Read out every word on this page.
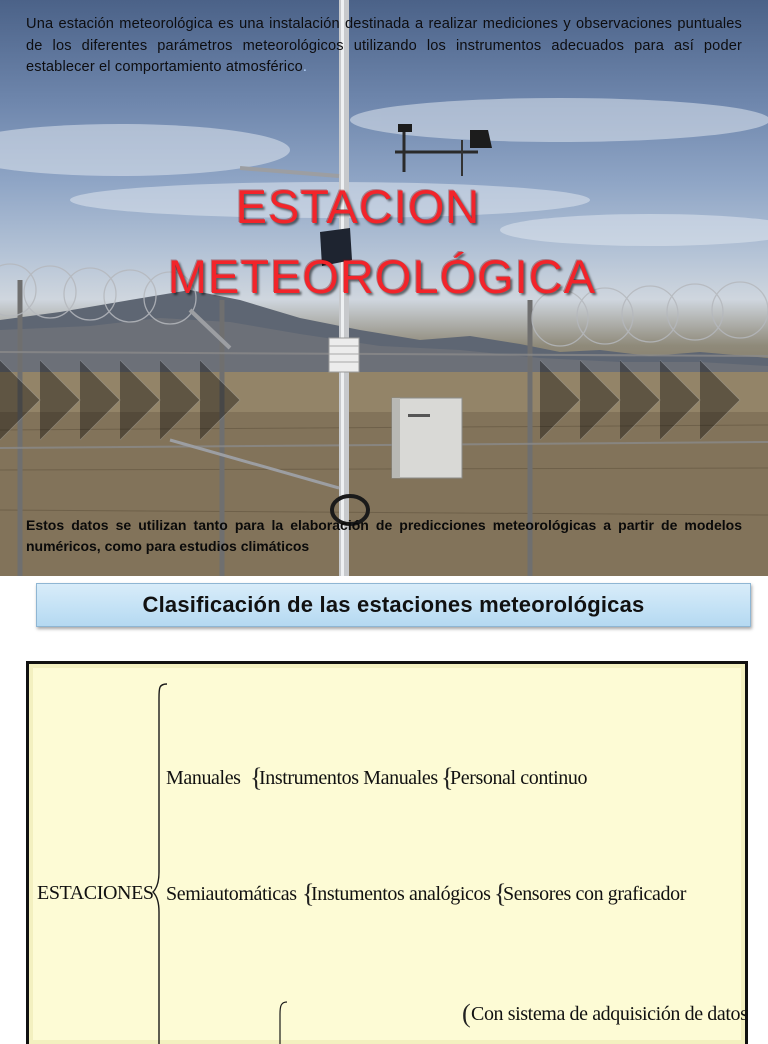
Una estación meteorológica es una instalación destinada a realizar mediciones y observaciones puntuales de los diferentes parámetros meteorológicos utilizando los instrumentos adecuados para así poder establecer el comportamiento atmosférico.

ESTACION
METEOROLÓGICA

Estos datos se utilizan tanto para la elaboración de predicciones meteorológicas a partir de modelos numéricos, como para estudios climáticos

Clasificación de las estaciones meteorológicas
ESTACIONES
Manuales {
Instrumentos Manuales {
Personal continuo
Semiautomáticas {
Instumentos analógicos {
Sensores con graficador
( Con sistema de adquisición de datos
